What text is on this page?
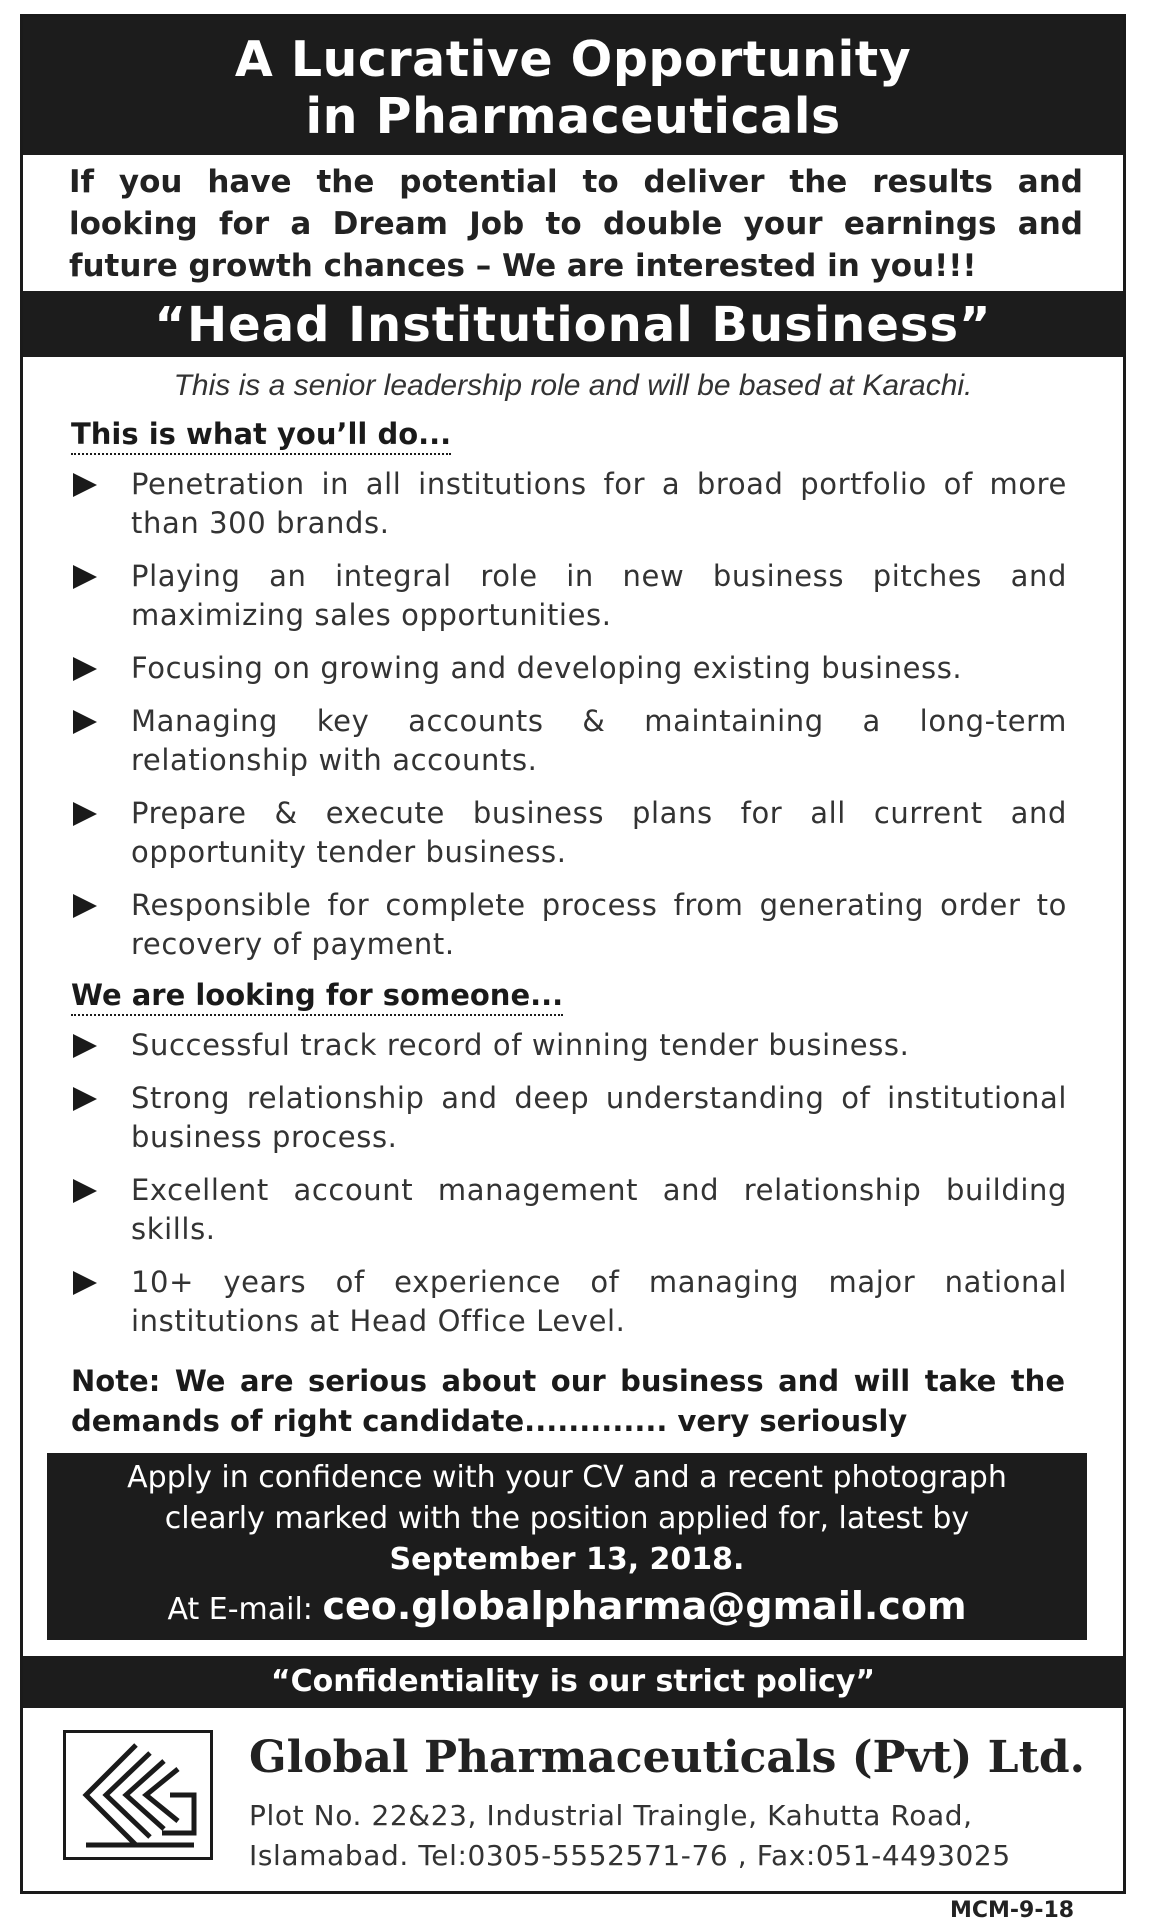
A Lucrative Opportunity
in Pharmaceuticals
If you have the potential to deliver the results and looking for a Dream Job to double your earnings and future growth chances – We are interested in you!!!
“Head Institutional Business”
This is a senior leadership role and will be based at Karachi.
This is what you’ll do...
Penetration in all institutions for a broad portfolio of more than 300 brands.
Playing an integral role in new business pitches and maximizing sales opportunities.
Focusing on growing and developing existing business.
Managing key accounts & maintaining a long-term relationship with accounts.
Prepare & execute business plans for all current and opportunity tender business.
Responsible for complete process from generating order to recovery of payment.
We are looking for someone...
Successful track record of winning tender business.
Strong relationship and deep understanding of institutional business process.
Excellent account management and relationship building skills.
10+ years of experience of managing major national institutions at Head Office Level.
Note: We are serious about our business and will take the demands of right candidate............. very seriously
Apply in confidence with your CV and a recent photograph
clearly marked with the position applied for, latest by
September 13, 2018.
At E-mail: ceo.globalpharma@gmail.com
“Confidentiality is our strict policy”
Global Pharmaceuticals (Pvt) Ltd.
Plot No. 22&23, Industrial Traingle, Kahutta Road,
Islamabad. Tel:0305-5552571-76 , Fax:051-4493025
MCM-9-18
